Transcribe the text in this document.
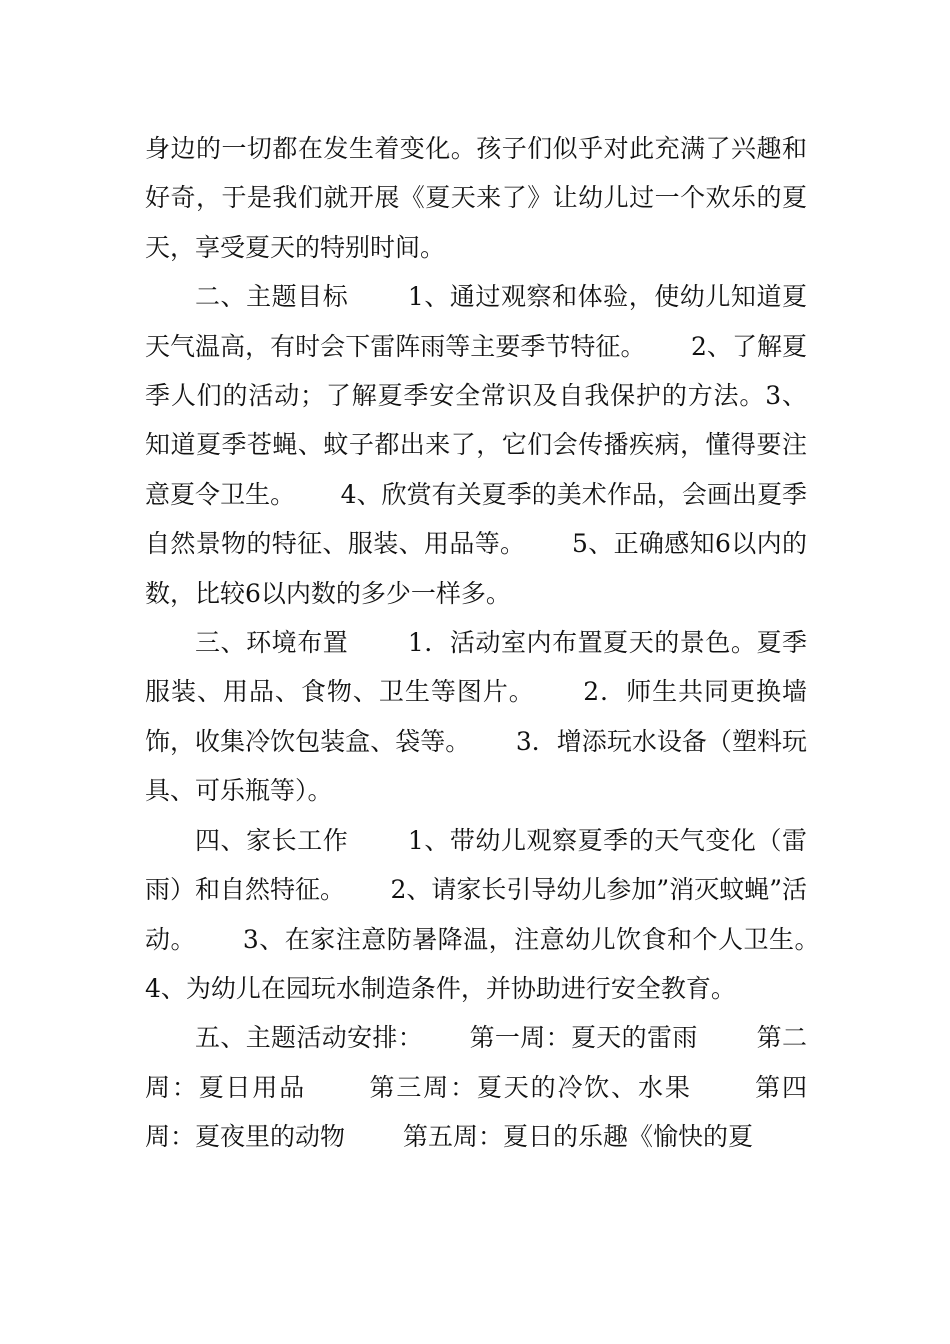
身边的一切都在发生着变化。孩子们似乎对此充满了兴趣和好奇，于是我们就开展《夏天来了》让幼儿过一个欢乐的夏天，享受夏天的特别时间。

二、主题目标　　 1、通过观察和体验，使幼儿知道夏天气温高，有时会下雷阵雨等主要季节特征。　　 2、了解夏季人们的活动；了解夏季安全常识及自我保护的方法。3、知道夏季苍蝇、蚊子都出来了，它们会传播疾病，懂得要注意夏令卫生。　　 4、欣赏有关夏季的美术作品，会画出夏季自然景物的特征、服装、用品等。　　 5、正确感知6以内的数，比较6以内数的多少一样多。

三、环境布置　　 1．活动室内布置夏天的景色。夏季服装、用品、食物、卫生等图片。　　 2．师生共同更换墙饰，收集冷饮包装盒、袋等。　　 3．增添玩水设备（塑料玩具、可乐瓶等）。

四、家长工作　　 1、带幼儿观察夏季的天气变化（雷雨）和自然特征。　　 2、请家长引导幼儿参加”消灭蚊蝇”活动。　　 3、在家注意防暑降温，注意幼儿饮食和个人卫生。　　 4、为幼儿在园玩水制造条件，并协助进行安全教育。

五、主题活动安排：　　 第一周：夏天的雷雨　　 第二周：夏日用品　　 第三周：夏天的冷饮、水果　　 第四周：夏夜里的动物　　 第五周：夏日的乐趣《愉快的夏
